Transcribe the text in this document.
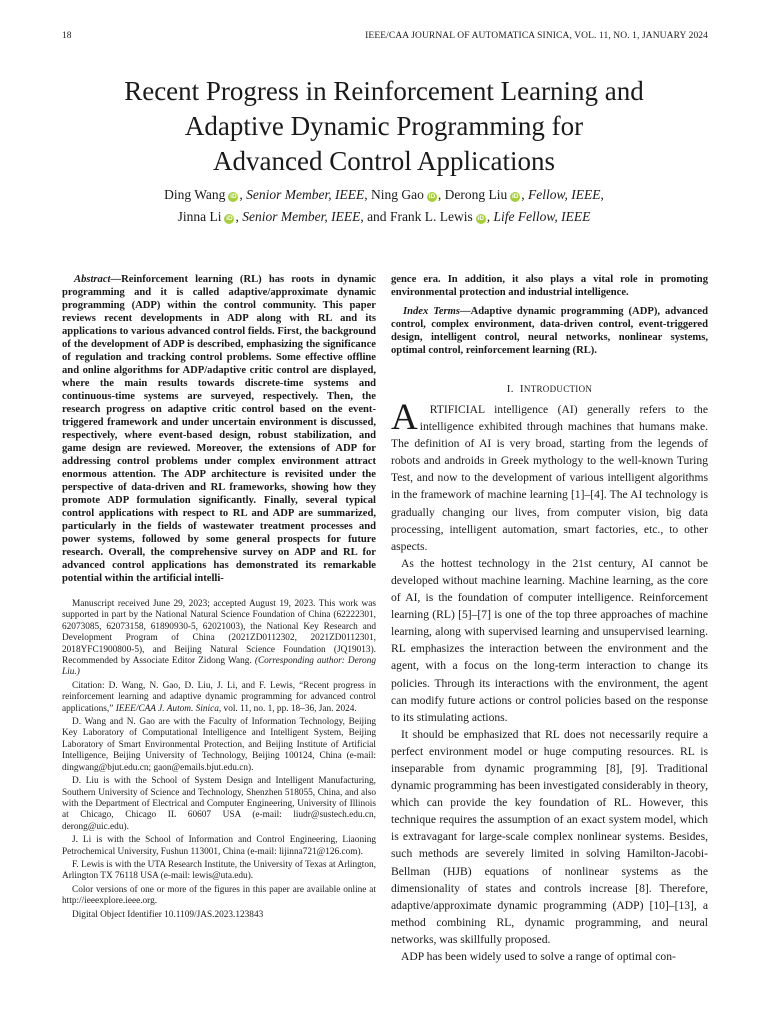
18	IEEE/CAA JOURNAL OF AUTOMATICA SINICA, VOL. 11, NO. 1, JANUARY 2024
Recent Progress in Reinforcement Learning and
Adaptive Dynamic Programming for
Advanced Control Applications
Ding Wang iD , Senior Member, IEEE, Ning Gao iD , Derong Liu iD , Fellow, IEEE,
Jinna Li iD , Senior Member, IEEE, and Frank L. Lewis iD , Life Fellow, IEEE

Abstract—Reinforcement learning (RL) has roots in dynamic programming and it is called adaptive/approximate dynamic programming (ADP) within the control community. This paper reviews recent developments in ADP along with RL and its applications to various advanced control fields. First, the background of the development of ADP is described, emphasizing the significance of regulation and tracking control problems. Some effective offline and online algorithms for ADP/adaptive critic control are displayed, where the main results towards discrete-time systems and continuous-time systems are surveyed, respectively. Then, the research progress on adaptive critic control based on the event-triggered framework and under uncertain environment is discussed, respectively, where event-based design, robust stabilization, and game design are reviewed. Moreover, the extensions of ADP for addressing control problems under complex environment attract enormous attention. The ADP architecture is revisited under the perspective of data-driven and RL frameworks, showing how they promote ADP formulation significantly. Finally, several typical control applications with respect to RL and ADP are summarized, particularly in the fields of wastewater treatment processes and power systems, followed by some general prospects for future research. Overall, the comprehensive survey on ADP and RL for advanced control applications has demonstrated its remarkable potential within the artificial intelli-

Manuscript received June 29, 2023; accepted August 19, 2023. This work was supported in part by the National Natural Science Foundation of China (62222301, 62073085, 62073158, 61890930-5, 62021003), the National Key Research and Development Program of China (2021ZD0112302, 2021ZD0112301, 2018YFC1900800-5), and Beijing Natural Science Foundation (JQ19013). Recommended by Associate Editor Zidong Wang. (Corresponding author: Derong Liu.)

Citation: D. Wang, N. Gao, D. Liu, J. Li, and F. Lewis, “Recent progress in reinforcement learning and adaptive dynamic programming for advanced control applications,” IEEE/CAA J. Autom. Sinica, vol. 11, no. 1, pp. 18–36, Jan. 2024.

D. Wang and N. Gao are with the Faculty of Information Technology, Beijing Key Laboratory of Computational Intelligence and Intelligent System, Beijing Laboratory of Smart Environmental Protection, and Beijing Institute of Artificial Intelligence, Beijing University of Technology, Beijing 100124, China (e-mail: dingwang@bjut.edu.cn; gaon@emails.bjut.edu.cn).

D. Liu is with the School of System Design and Intelligent Manufacturing, Southern University of Science and Technology, Shenzhen 518055, China, and also with the Department of Electrical and Computer Engineering, University of Illinois at Chicago, Chicago IL 60607 USA (e-mail: liudr@sustech.edu.cn, derong@uic.edu).

J. Li is with the School of Information and Control Engineering, Liaoning Petrochemical University, Fushun 113001, China (e-mail: lijinna721@126.com).

F. Lewis is with the UTA Research Institute, the University of Texas at Arlington, Arlington TX 76118 USA (e-mail: lewis@uta.edu).

Color versions of one or more of the figures in this paper are available online at http://ieeexplore.ieee.org.

Digital Object Identifier 10.1109/JAS.2023.123843

gence era. In addition, it also plays a vital role in promoting environmental protection and industrial intelligence.

Index Terms—Adaptive dynamic programming (ADP), advanced control, complex environment, data-driven control, event-triggered design, intelligent control, neural networks, nonlinear systems, optimal control, reinforcement learning (RL).

I. INTRODUCTION

A RTIFICIAL intelligence (AI) generally refers to the intelligence exhibited through machines that humans make. The definition of AI is very broad, starting from the legends of robots and androids in Greek mythology to the well-known Turing Test, and now to the development of various intelligent algorithms in the framework of machine learning [1]–[4]. The AI technology is gradually changing our lives, from computer vision, big data processing, intelligent automation, smart factories, etc., to other aspects.

As the hottest technology in the 21st century, AI cannot be developed without machine learning. Machine learning, as the core of AI, is the foundation of computer intelligence. Reinforcement learning (RL) [5]–[7] is one of the top three approaches of machine learning, along with supervised learning and unsupervised learning. RL emphasizes the interaction between the environment and the agent, with a focus on the long-term interaction to change its policies. Through its interactions with the environment, the agent can modify future actions or control policies based on the response to its stimulating actions.

It should be emphasized that RL does not necessarily require a perfect environment model or huge computing resources. RL is inseparable from dynamic programming [8], [9]. Traditional dynamic programming has been investigated considerably in theory, which can provide the key foundation of RL. However, this technique requires the assumption of an exact system model, which is extravagant for large-scale complex nonlinear systems. Besides, such methods are severely limited in solving Hamilton-Jacobi-Bellman (HJB) equations of nonlinear systems as the dimensionality of states and controls increase [8]. Therefore, adaptive/approximate dynamic programming (ADP) [10]–[13], a method combining RL, dynamic programming, and neural networks, was skillfully proposed.

ADP has been widely used to solve a range of optimal con-
